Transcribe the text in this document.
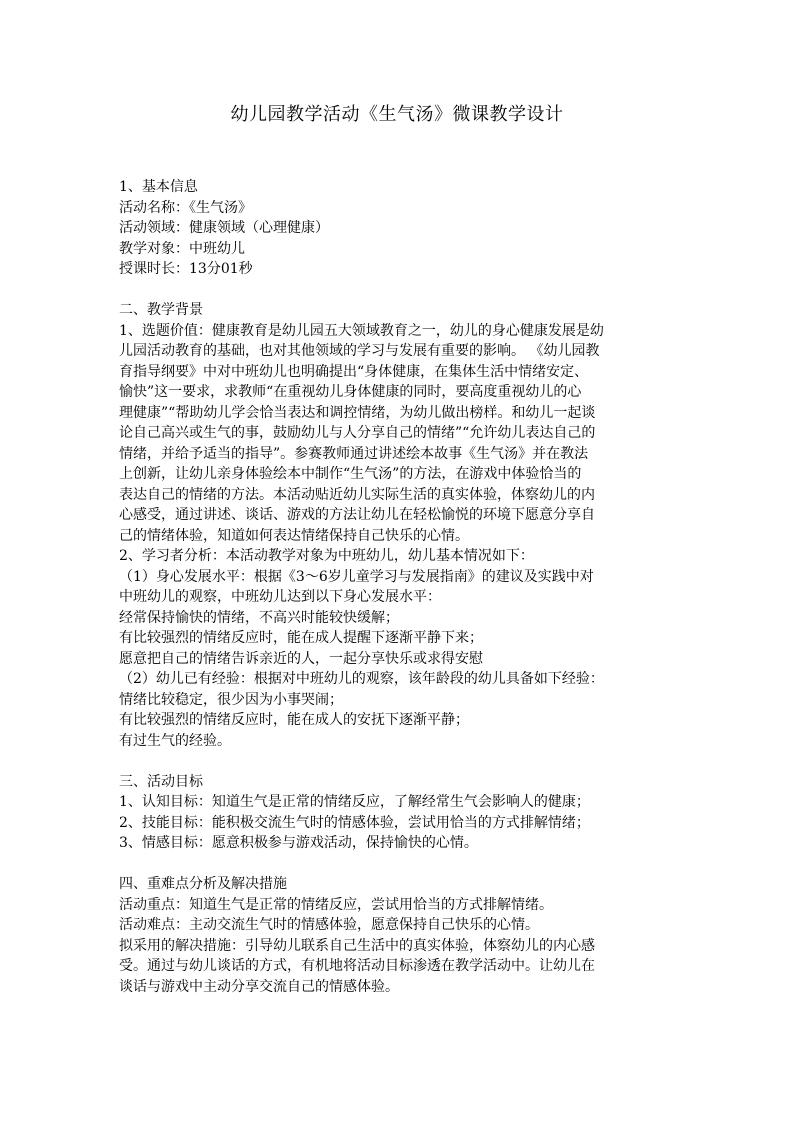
幼儿园教学活动《生气汤》微课教学设计
1、基本信息
活动名称：《生气汤》
活动领域：健康领域（心理健康）
教学对象：中班幼儿
授课时长：13分01秒
二、教学背景
1、选题价值：健康教育是幼儿园五大领域教育之一，幼儿的身心健康发展是幼
儿园活动教育的基础，也对其他领域的学习与发展有重要的影响。 《幼儿园教
育指导纲要》中对中班幼儿也明确提出“身体健康，在集体生活中情绪安定、
愉快”这一要求，求教师“在重视幼儿身体健康的同时，要高度重视幼儿的心
理健康”“帮助幼儿学会恰当表达和调控情绪，为幼儿做出榜样。和幼儿一起谈
论自己高兴或生气的事，鼓励幼儿与人分享自己的情绪”“允许幼儿表达自己的
情绪，并给予适当的指导”。参赛教师通过讲述绘本故事《生气汤》并在教法
上创新，让幼儿亲身体验绘本中制作“生气汤”的方法，在游戏中体验恰当的
表达自己的情绪的方法。本活动贴近幼儿实际生活的真实体验，体察幼儿的内
心感受，通过讲述、谈话、游戏的方法让幼儿在轻松愉悦的环境下愿意分享自
己的情绪体验，知道如何表达情绪保持自己快乐的心情。
2、学习者分析：本活动教学对象为中班幼儿，幼儿基本情况如下：
（1）身心发展水平：根据《3～6岁儿童学习与发展指南》的建议及实践中对
中班幼儿的观察，中班幼儿达到以下身心发展水平：
经常保持愉快的情绪，不高兴时能较快缓解；
有比较强烈的情绪反应时，能在成人提醒下逐渐平静下来；
愿意把自己的情绪告诉亲近的人，一起分享快乐或求得安慰
（2）幼儿已有经验：根据对中班幼儿的观察，该年龄段的幼儿具备如下经验：
情绪比较稳定，很少因为小事哭闹；
有比较强烈的情绪反应时，能在成人的安抚下逐渐平静；
有过生气的经验。
三、活动目标
1、认知目标：知道生气是正常的情绪反应，了解经常生气会影响人的健康；
2、技能目标：能积极交流生气时的情感体验，尝试用恰当的方式排解情绪；
3、情感目标：愿意积极参与游戏活动，保持愉快的心情。
四、重难点分析及解决措施
活动重点：知道生气是正常的情绪反应，尝试用恰当的方式排解情绪。
活动难点：主动交流生气时的情感体验，愿意保持自己快乐的心情。
拟采用的解决措施：引导幼儿联系自己生活中的真实体验，体察幼儿的内心感
受。通过与幼儿谈话的方式，有机地将活动目标渗透在教学活动中。让幼儿在
谈话与游戏中主动分享交流自己的情感体验。
